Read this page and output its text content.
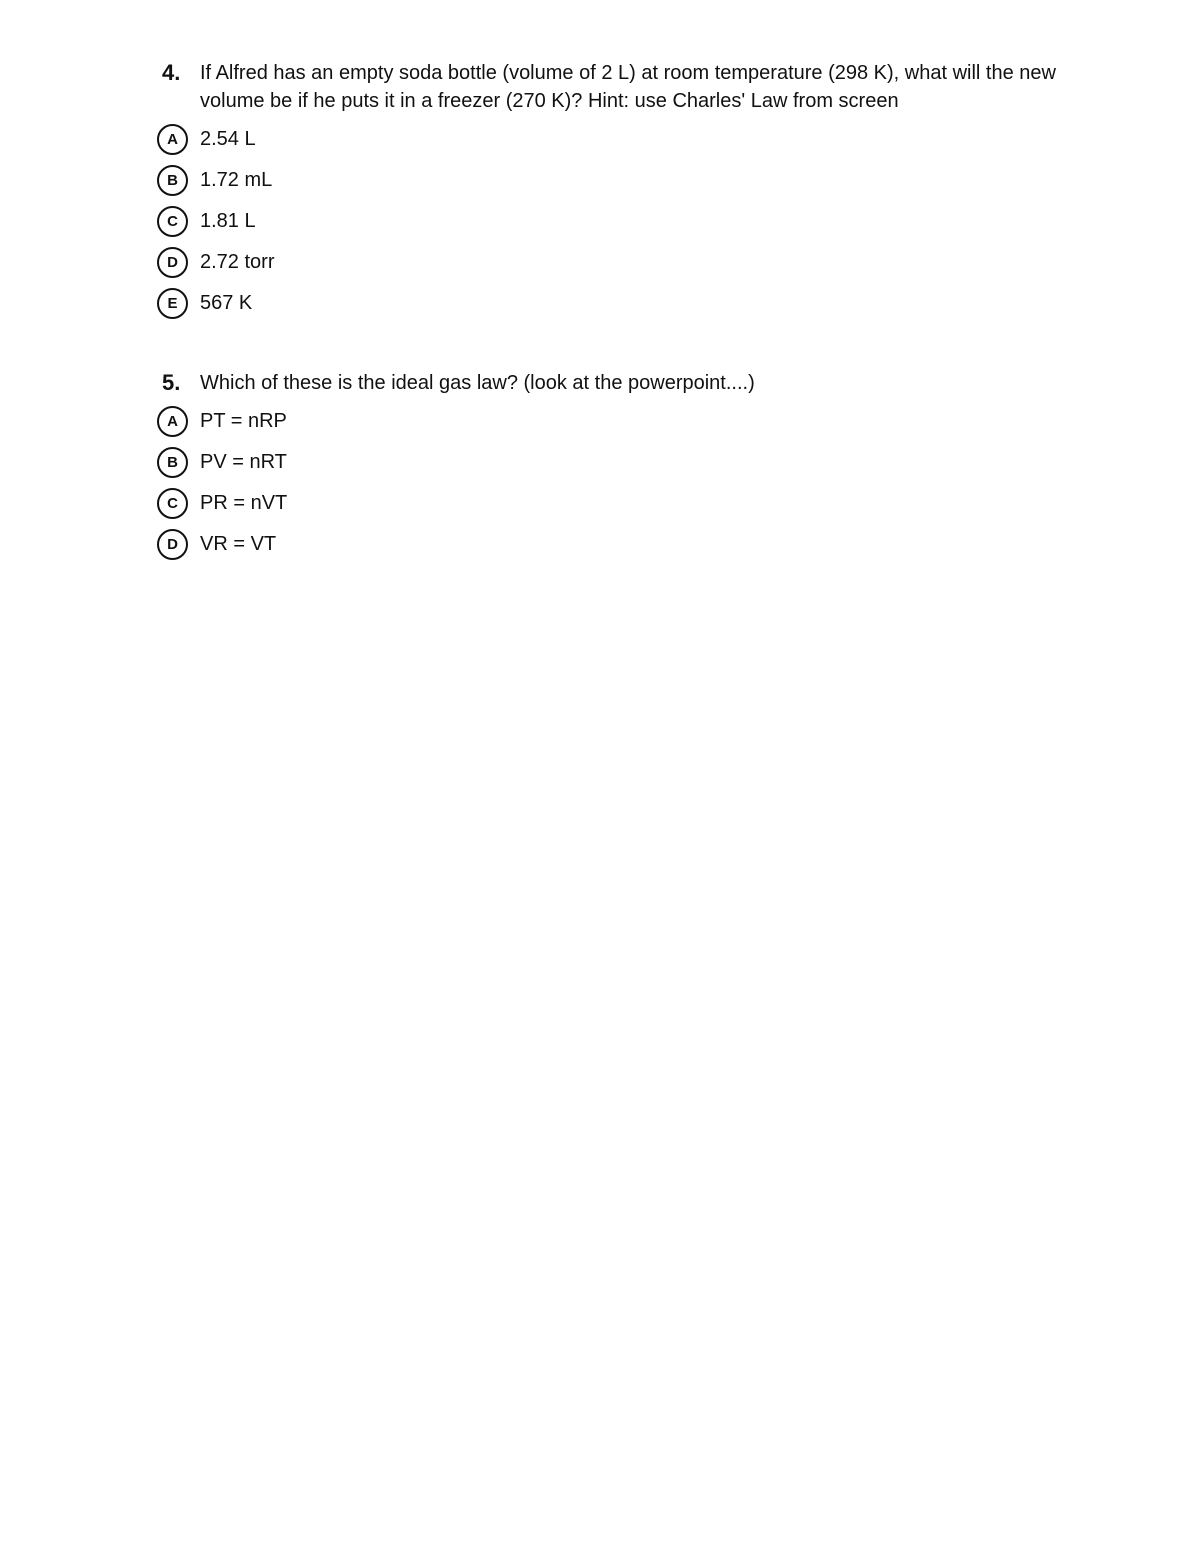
4. If Alfred has an empty soda bottle (volume of 2 L) at room temperature (298 K), what will the new volume be if he puts it in a freezer (270 K)? Hint: use Charles' Law from screen
A	2.54 L
B	1.72 mL
C	1.81 L
D	2.72 torr
E	567 K
5. Which of these is the ideal gas law? (look at the powerpoint....)
A	PT = nRP
B	PV = nRT
C	PR = nVT
D	VR = VT
